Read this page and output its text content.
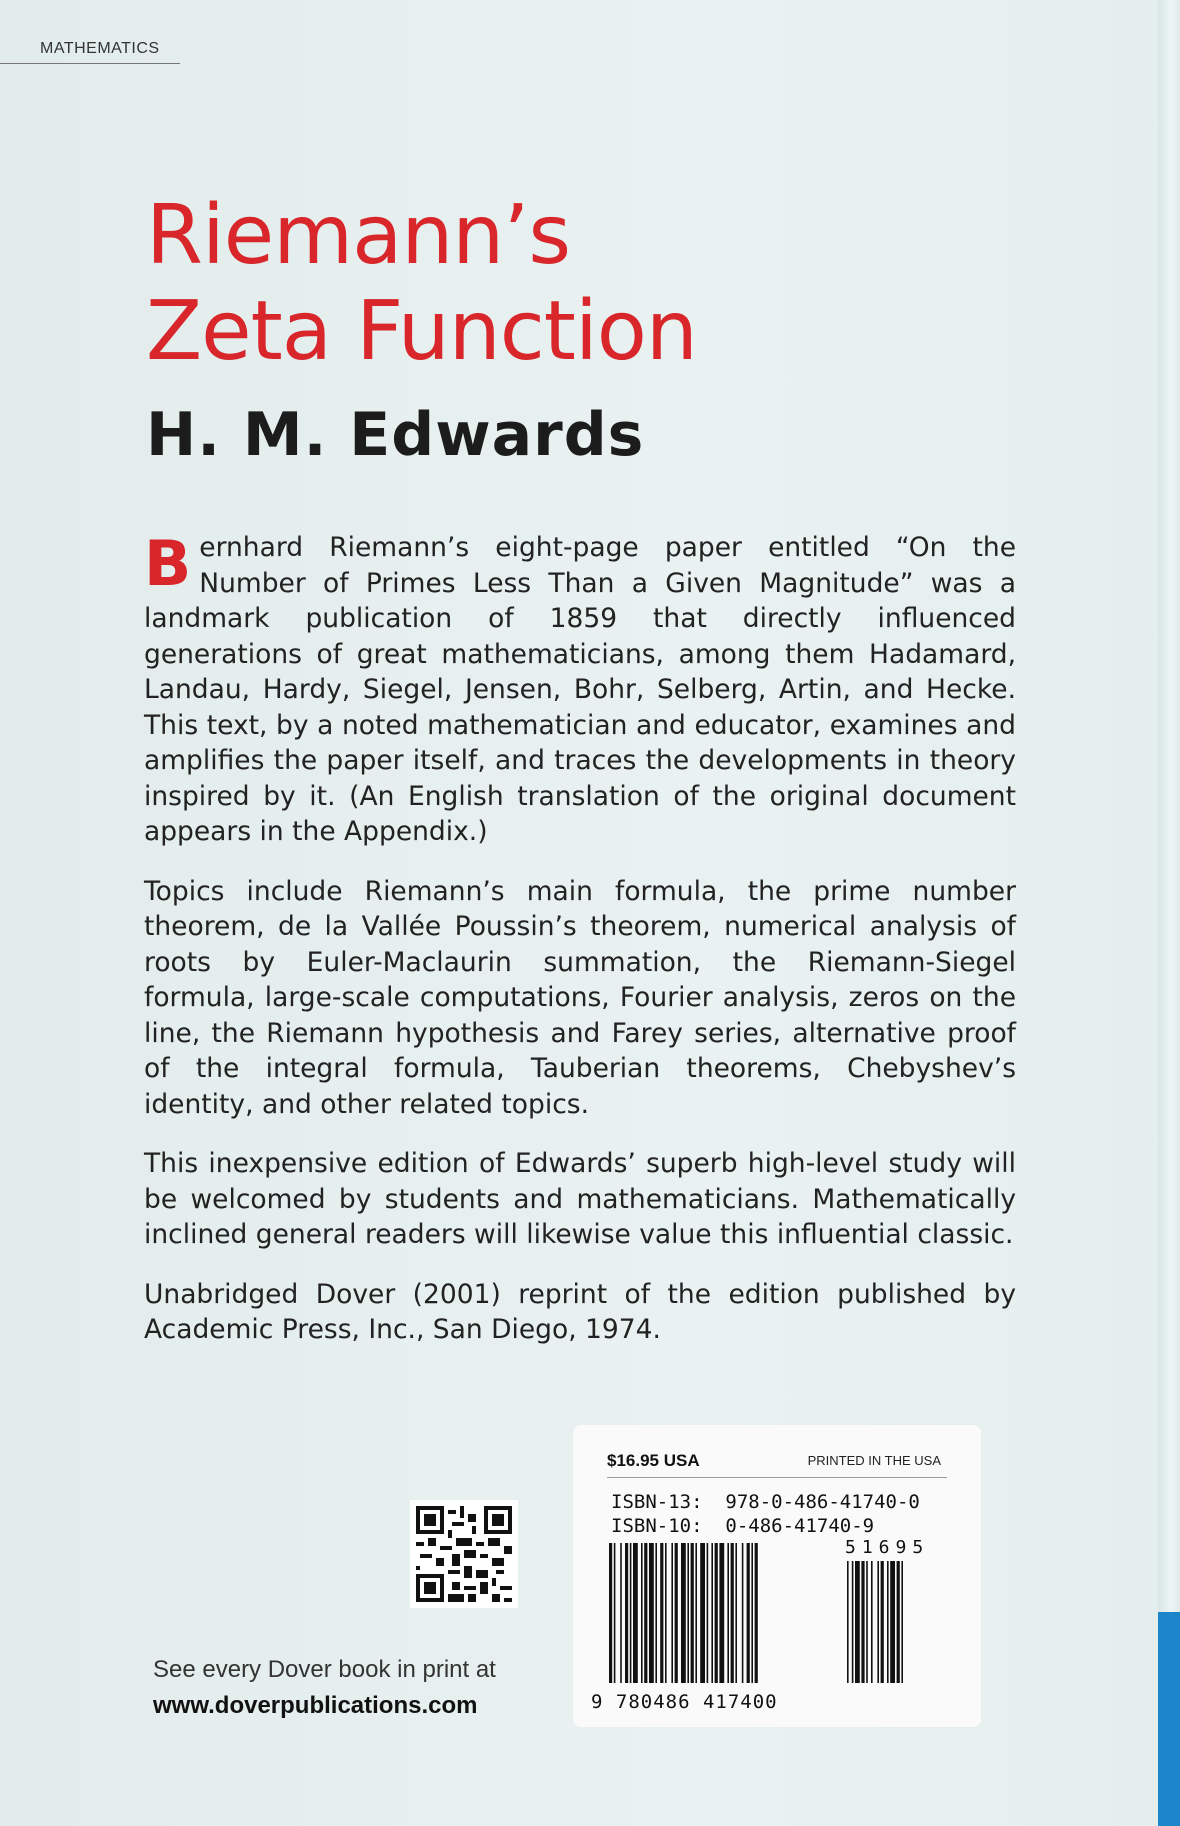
MATHEMATICS
Riemann’s
Zeta Function
H. M. Edwards

Bernhard Riemann’s eight-page paper entitled “On the Number of Primes Less Than a Given Magnitude” was a landmark publication of 1859 that directly influenced generations of great mathematicians, among them Hadamard, Landau, Hardy, Siegel, Jensen, Bohr, Selberg, Artin, and Hecke. This text, by a noted mathematician and educator, examines and amplifies the paper itself, and traces the developments in theory inspired by it. (An English translation of the original document appears in the Appendix.)

Topics include Riemann’s main formula, the prime number theorem, de la Vallée Poussin’s theorem, numerical analysis of roots by Euler-Maclaurin summation, the Riemann-Siegel formula, large-scale computations, Fourier analysis, zeros on the line, the Riemann hypothesis and Farey series, alternative proof of the integral formula, Tauberian theorems, Chebyshev’s identity, and other related topics.

This inexpensive edition of Edwards’ superb high-level study will be welcomed by students and mathematicians. Mathematically inclined general readers will likewise value this influential classic.

Unabridged Dover (2001) reprint of the edition published by Academic Press, Inc., San Diego, 1974.

See every Dover book in print at
www.doverpublications.com
$16.95 USA	PRINTED IN THE USA
ISBN-13:  978-0-486-41740-0
ISBN-10:  0-486-41740-9
51695
9 780486 417400
